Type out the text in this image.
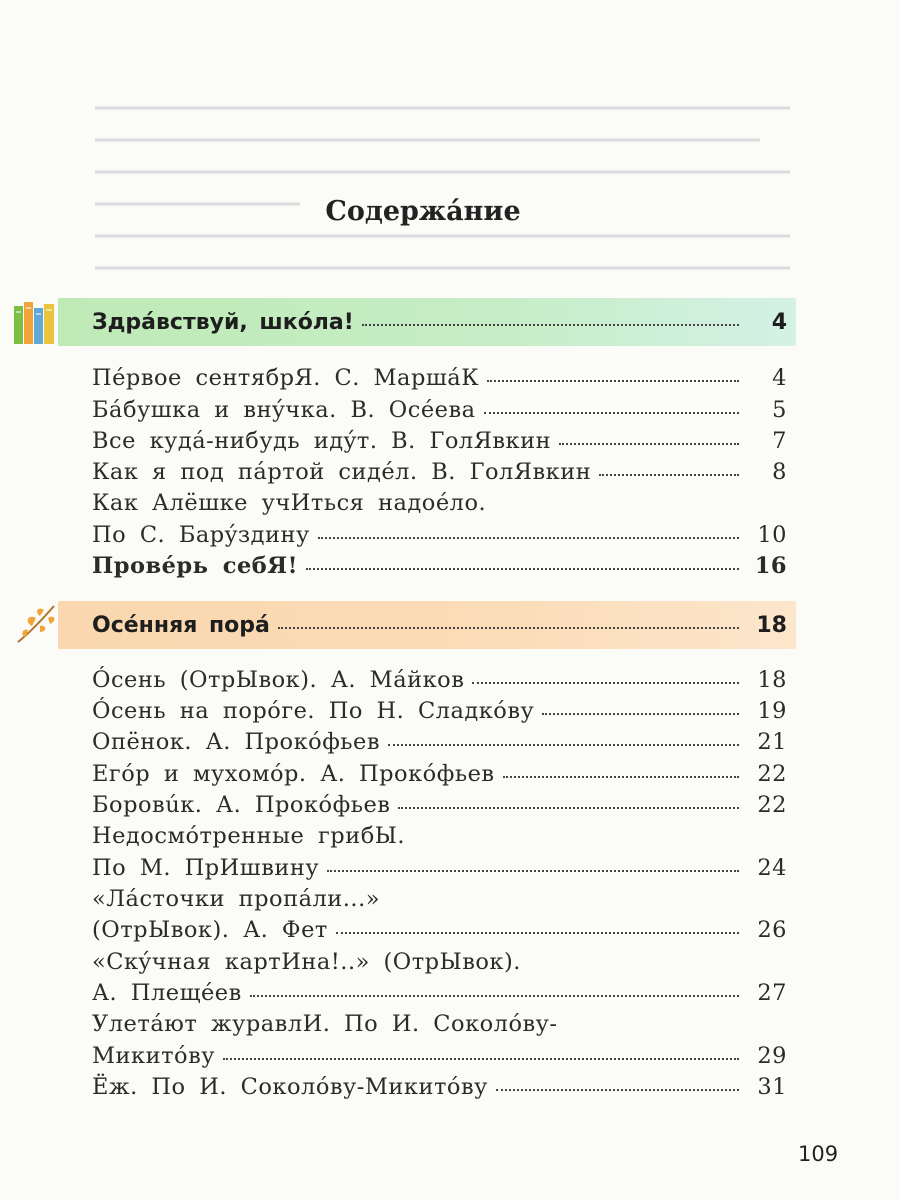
Содержáние
Здрáвствуй, шкóла!	4
Пéрвое сентябрЯ. С. МаршáК	4
Бáбушка и внýчка. В. Осéева	5
Все кудá-нибудь идýт. В. ГолЯвкин	7
Как я под пáртой сидéл. В. ГолЯвкин	8
Как Алёшке учИться надоéло.
По С. Барýздину	10
Провéрь себЯ!	16
Осéнняя порá	18
Óсень (ОтрЫвок). А. Мáйков	18
Óсень на порóге. По Н. Сладкóву	19
Опёнок. А. Прокóфьев	21
Егóр и мухомóр. А. Прокóфьев	22
Боровúк. А. Прокóфьев	22
Недосмóтренные грибЫ.
По М. ПрИшвину	24
«Лáсточки пропáли...»
(ОтрЫвок). А. Фет	26
«Скýчная картИна!..» (ОтрЫвок).
А. Плещéев	27
Улетáют журавлИ. По И. Соколóву-
Микитóву	29
Ёж. По И. Соколóву-Микитóву	31
109
